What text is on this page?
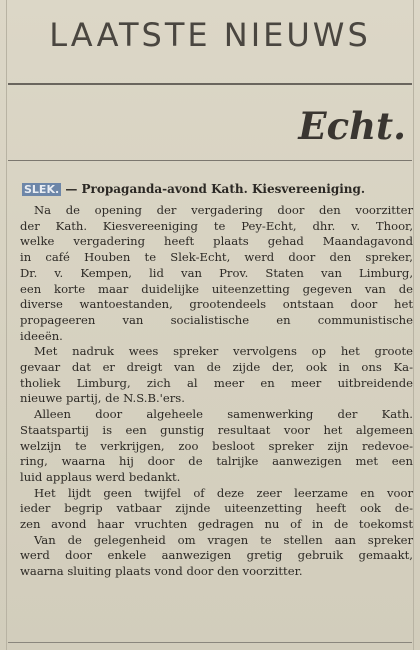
LAATSTE NIEUWS
Echt.
SLEK. — Propaganda-avond Kath. Kiesvereeniging.
Na de opening der vergadering door den voorzitter
der Kath. Kiesvereeniging te Pey-Echt, dhr. v. Thoor,
welke vergadering heeft plaats gehad Maandagavond
in café Houben te Slek-Echt, werd door den spreker,
Dr. v. Kempen, lid van Prov. Staten van Limburg,
een korte maar duidelijke uiteenzetting gegeven van de
diverse wantoestanden, grootendeels ontstaan door het
propageeren van socialistische en communistische
ideeën.
Met nadruk wees spreker vervolgens op het groote
gevaar dat er dreigt van de zijde der, ook in ons Ka-
tholiek Limburg, zich al meer en meer uitbreidende
nieuwe partij, de N.S.B.'ers.
Alleen door algeheele samenwerking der Kath.
Staatspartij is een gunstig resultaat voor het algemeen
welzijn te verkrijgen, zoo besloot spreker zijn redevoe-
ring, waarna hij door de talrijke aanwezigen met een
luid applaus werd bedankt.
Het lijdt geen twijfel of deze zeer leerzame en voor
ieder begrip vatbaar zijnde uiteenzetting heeft ook de-
zen avond haar vruchten gedragen nu of in de toekomst
Van de gelegenheid om vragen te stellen aan spreker
werd door enkele aanwezigen gretig gebruik gemaakt,
waarna sluiting plaats vond door den voorzitter.
